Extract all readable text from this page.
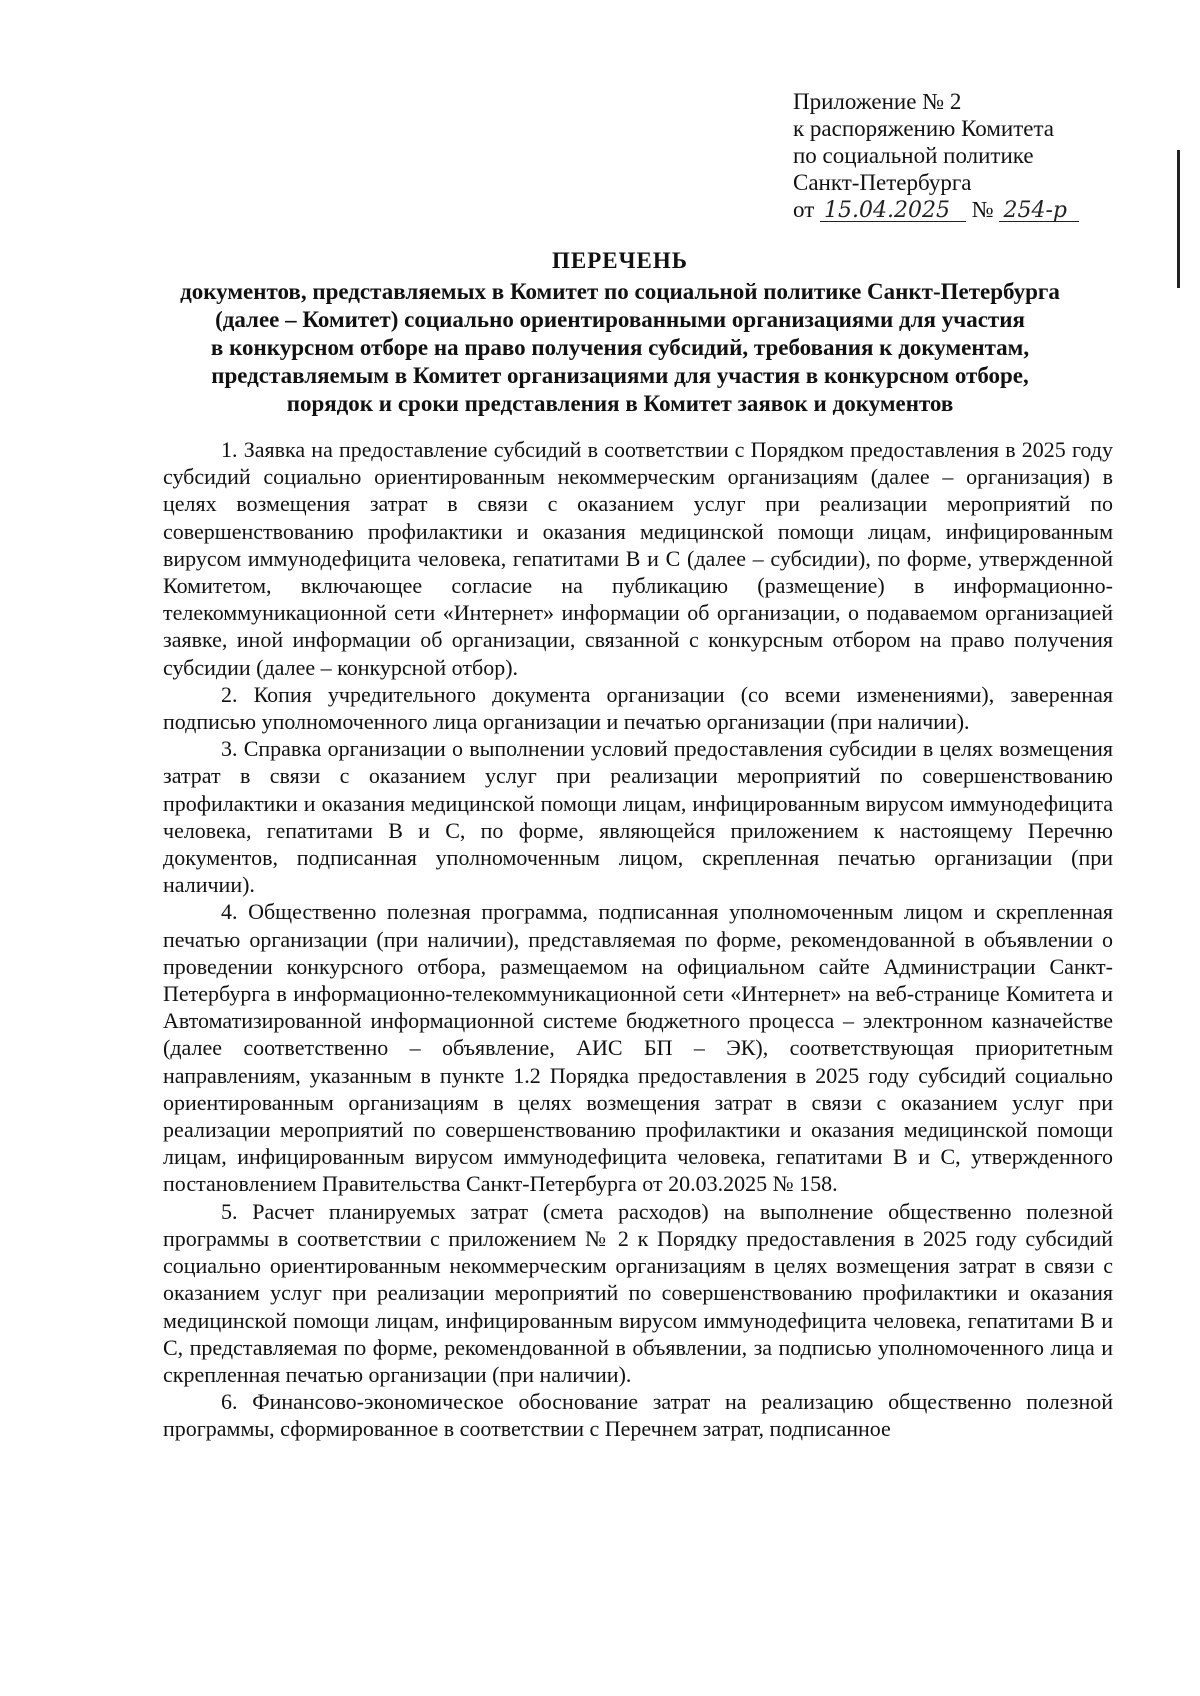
Приложение № 2
к распоряжению Комитета
по социальной политике
Санкт-Петербурга
от 15.04.2025 № 254-р
ПЕРЕЧЕНЬ
документов, представляемых в Комитет по социальной политике Санкт-Петербурга
(далее – Комитет) социально ориентированными организациями для участия
в конкурсном отборе на право получения субсидий, требования к документам,
представляемым в Комитет организациями для участия в конкурсном отборе,
порядок и сроки представления в Комитет заявок и документов

1. Заявка на предоставление субсидий в соответствии с Порядком предоставления в 2025 году субсидий социально ориентированным некоммерческим организациям (далее – организация) в целях возмещения затрат в связи с оказанием услуг при реализации мероприятий по совершенствованию профилактики и оказания медицинской помощи лицам, инфицированным вирусом иммунодефицита человека, гепатитами В и С (далее – субсидии), по форме, утвержденной Комитетом, включающее согласие на публикацию (размещение) в информационно-телекоммуникационной сети «Интернет» информации об организации, о подаваемом организацией заявке, иной информации об организации, связанной с конкурсным отбором на право получения субсидии (далее – конкурсной отбор).

2. Копия учредительного документа организации (со всеми изменениями), заверенная подписью уполномоченного лица организации и печатью организации (при наличии).

3. Справка организации о выполнении условий предоставления субсидии в целях возмещения затрат в связи с оказанием услуг при реализации мероприятий по совершенствованию профилактики и оказания медицинской помощи лицам, инфицированным вирусом иммунодефицита человека, гепатитами В и С, по форме, являющейся приложением к настоящему Перечню документов, подписанная уполномоченным лицом, скрепленная печатью организации (при наличии).

4. Общественно полезная программа, подписанная уполномоченным лицом и скрепленная печатью организации (при наличии), представляемая по форме, рекомендованной в объявлении о проведении конкурсного отбора, размещаемом на официальном сайте Администрации Санкт-Петербурга в информационно-телекоммуникационной сети «Интернет» на веб-странице Комитета и Автоматизированной информационной системе бюджетного процесса – электронном казначействе (далее соответственно – объявление, АИС БП – ЭК), соответствующая приоритетным направлениям, указанным в пункте 1.2 Порядка предоставления в 2025 году субсидий социально ориентированным организациям в целях возмещения затрат в связи с оказанием услуг при реализации мероприятий по совершенствованию профилактики и оказания медицинской помощи лицам, инфицированным вирусом иммунодефицита человека, гепатитами В и С, утвержденного постановлением Правительства Санкт-Петербурга от 20.03.2025 № 158.

5. Расчет планируемых затрат (смета расходов) на выполнение общественно полезной программы в соответствии с приложением № 2 к Порядку предоставления в 2025 году субсидий социально ориентированным некоммерческим организациям в целях возмещения затрат в связи с оказанием услуг при реализации мероприятий по совершенствованию профилактики и оказания медицинской помощи лицам, инфицированным вирусом иммунодефицита человека, гепатитами В и С, представляемая по форме, рекомендованной в объявлении, за подписью уполномоченного лица и скрепленная печатью организации (при наличии).

6. Финансово-экономическое обоснование затрат на реализацию общественно полезной программы, сформированное в соответствии с Перечнем затрат, подписанное
